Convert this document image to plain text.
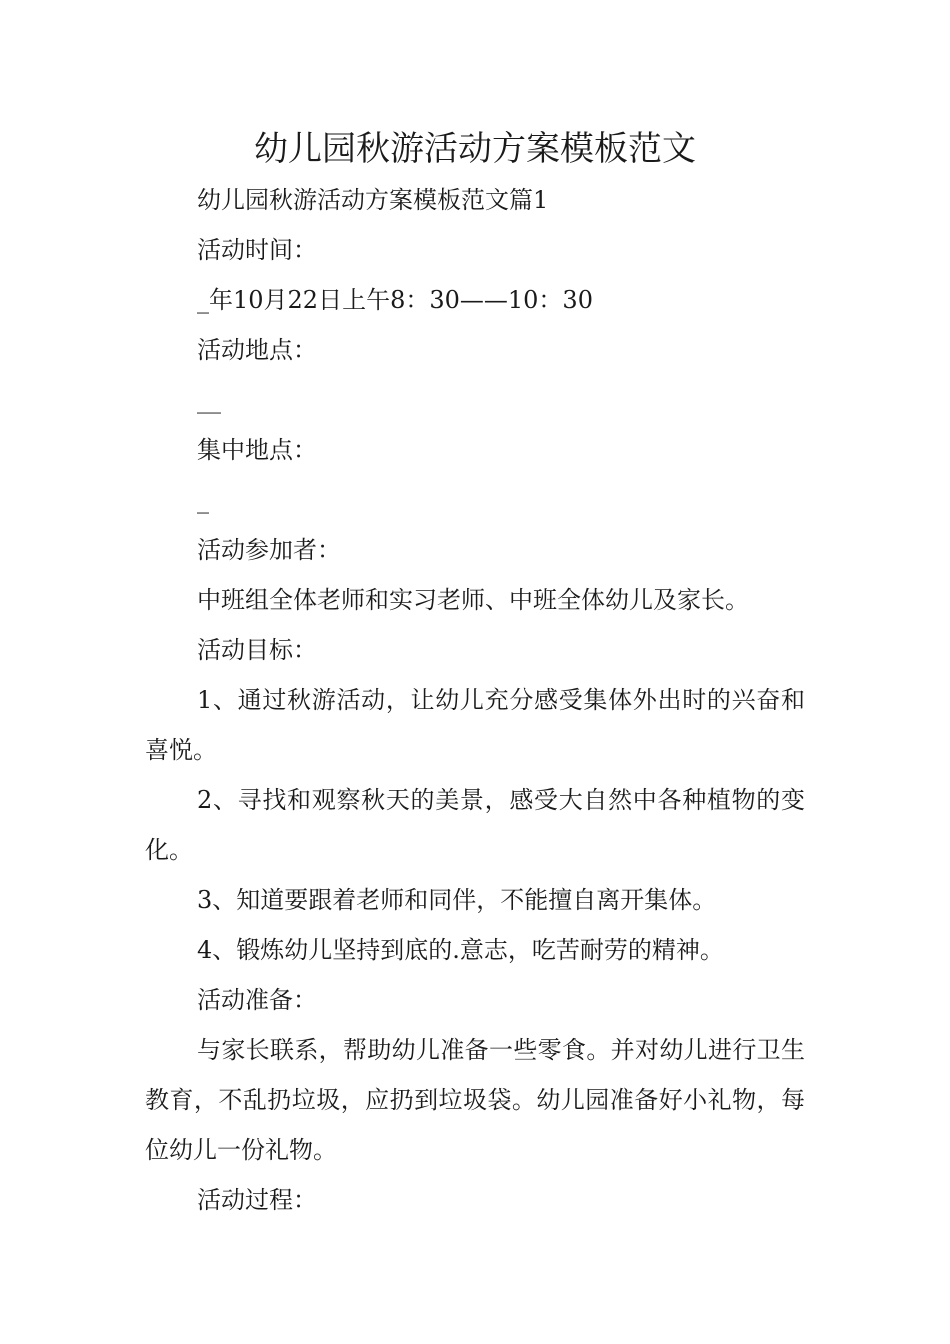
幼儿园秋游活动方案模板范文

幼儿园秋游活动方案模板范文篇1

活动时间：

_年10月22日上午8：30——10：30

活动地点：

__

集中地点：

_

活动参加者：

中班组全体老师和实习老师、中班全体幼儿及家长。

活动目标：

1、通过秋游活动，让幼儿充分感受集体外出时的兴奋和喜悦。

2、寻找和观察秋天的美景，感受大自然中各种植物的变化。

3、知道要跟着老师和同伴，不能擅自离开集体。

4、锻炼幼儿坚持到底的.意志，吃苦耐劳的精神。

活动准备：

与家长联系，帮助幼儿准备一些零食。并对幼儿进行卫生教育，不乱扔垃圾，应扔到垃圾袋。幼儿园准备好小礼物，每位幼儿一份礼物。

活动过程：
